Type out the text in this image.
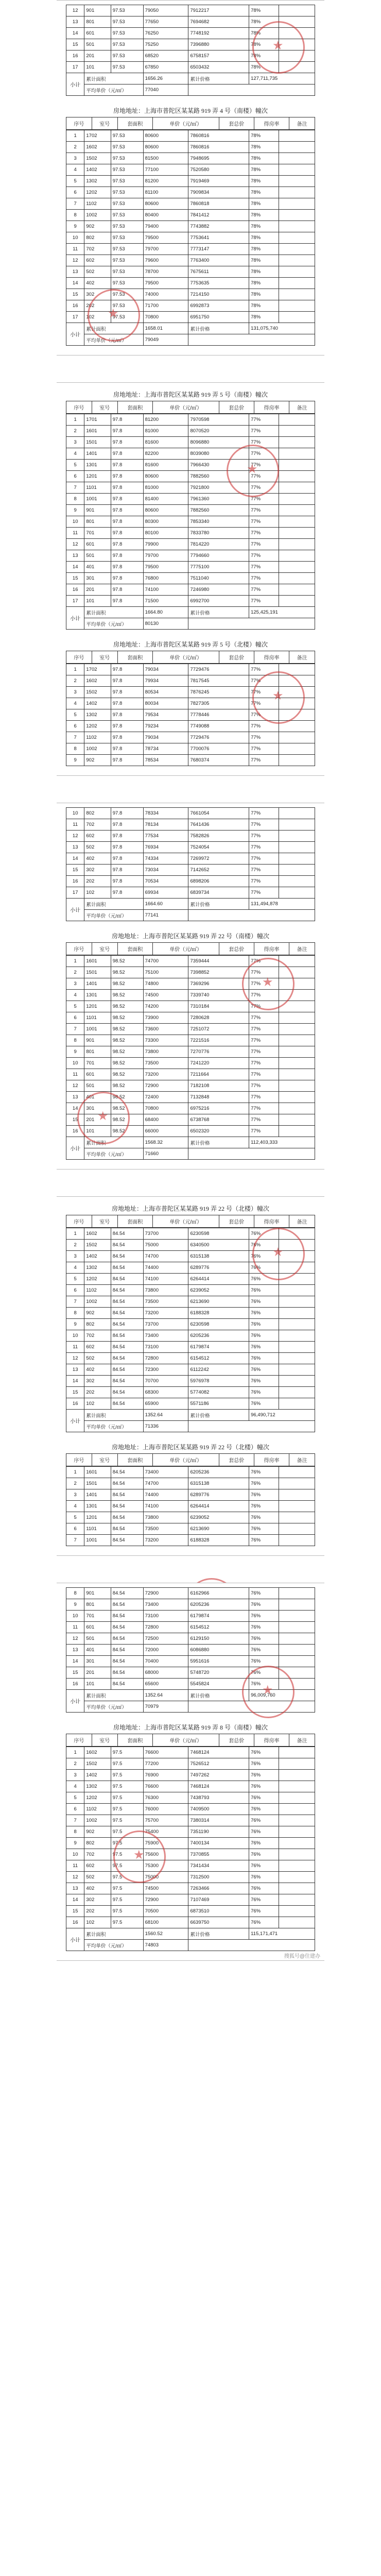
12	901	97.53	79050	7912217	78%	
13	801	97.53	77650	7694682	78%	
14	601	97.53	76250	7748192	78%	
15	501	97.53	75250	7396880	78%	
16	201	97.53	68520	6758157	78%	
17	101	97.53	67850	6503432	78%	
小计	累计面积		1656.26	累计价格	127,711,735	
	平均单价（元/㎡）		77040			
房地地址：上海市普陀区某某路 919 弄 4 号（南楼）幢次
序号	室号	套面积	单价（元/㎡）	套总价	得房率	备注
1	1702	97.53	80600	7860816	78%	
2	1602	97.53	80600	7860816	78%	
3	1502	97.53	81500	7948695	78%	
4	1402	97.53	77100	7520580	78%	
5	1302	97.53	81200	7919469	78%	
6	1202	97.53	81100	7909834	78%	
7	1102	97.53	80600	7860818	78%	
8	1002	97.53	80400	7841412	78%	
9	902	97.53	79400	7743882	78%	
10	802	97.53	79500	7753641	78%	
11	702	97.53	79700	7773147	78%	
12	602	97.53	79600	7763400	78%	
13	502	97.53	78700	7675611	78%	
14	402	97.53	79500	7753635	78%	
15	302	97.53	74000	7214150	78%	
16	202	97.53	71700	6992873	78%	
17	102	97.53	70800	6951750	78%	
小计	累计面积		1658.01	累计价格	131,075,740	
	平均单价（元/㎡）		79049			
★
★
房地地址：上海市普陀区某某路 919 弄 5 号（南楼）幢次
序号	室号	套面积	单价（元/㎡）	套总价	得房率	备注
1	1701	97.8	81200	7970598	77%	
2	1601	97.8	81000	8070520	77%	
3	1501	97.8	81600	8096880	77%	
4	1401	97.8	82200	8039080	77%	
5	1301	97.8	81600	7966430	77%	
6	1201	97.8	80600	7882560	77%	
7	1101	97.8	81000	7921800	77%	
8	1001	97.8	81400	7961360	77%	
9	901	97.8	80600	7882560	77%	
10	801	97.8	80300	7853340	77%	
11	701	97.8	80100	7833780	77%	
12	601	97.8	79900	7814220	77%	
13	501	97.8	79700	7794660	77%	
14	401	97.8	79500	7775100	77%	
15	301	97.8	76800	7511040	77%	
16	201	97.8	74100	7246980	77%	
17	101	97.8	71500	6992700	77%	
小计	累计面积		1664.80	累计价格	125,425,191	
	平均单价（元/㎡）		80130			
房地地址：上海市普陀区某某路 919 弄 5 号（北楼）幢次
序号	室号	套面积	单价（元/㎡）	套总价	得房率	备注
1	1702	97.8	79034	7729476	77%	
2	1602	97.8	79934	7817545	77%	
3	1502	97.8	80534	7876245	77%	
4	1402	97.8	80034	7827305	77%	
5	1302	97.8	79534	7778446	77%	
6	1202	97.8	79234	7749088	77%	
7	1102	97.8	79034	7729476	77%	
8	1002	97.8	78734	7700076	77%	
9	902	97.8	78534	7680374	77%	
★
★
10	802	97.8	78334	7661054	77%	
11	702	97.8	78134	7641436	77%	
12	602	97.8	77534	7582826	77%	
13	502	97.8	76934	7524054	77%	
14	402	97.8	74334	7269972	77%	
15	302	97.8	73034	7142652	77%	
16	202	97.8	70534	6898206	77%	
17	102	97.8	69934	6839734	77%	
小计	累计面积		1664.60	累计价格	131,494,878	
	平均单价（元/㎡）		77141			
房地地址：上海市普陀区某某路 919 弄 22 号（南楼）幢次
序号	室号	套面积	单价（元/㎡）	套总价	得房率	备注
1	1601	98.52	74700	7359444	77%	
2	1501	98.52	75100	7398852	77%	
3	1401	98.52	74800	7369296	77%	
4	1301	98.52	74500	7339740	77%	
5	1201	98.52	74200	7310184	77%	
6	1101	98.52	73900	7280628	77%	
7	1001	98.52	73600	7251072	77%	
8	901	98.52	73300	7221516	77%	
9	801	98.52	73800	7270776	77%	
10	701	98.52	73500	7241220	77%	
11	601	98.52	73200	7211664	77%	
12	501	98.52	72900	7182108	77%	
13	401	98.52	72400	7132848	77%	
14	301	98.52	70800	6975216	77%	
15	201	98.52	68400	6738768	77%	
16	101	98.52	66000	6502320	77%	
小计	累计面积		1568.32	累计价格	112,403,333	
	平均单价（元/㎡）		71660			
★
★
房地地址：上海市普陀区某某路 919 弄 22 号（北楼）幢次
序号	室号	套面积	单价（元/㎡）	套总价	得房率	备注
1	1602	84.54	73700	6230598	76%	
2	1502	84.54	75000	6340500	76%	
3	1402	84.54	74700	6315138	76%	
4	1302	84.54	74400	6289776	76%	
5	1202	84.54	74100	6264414	76%	
6	1102	84.54	73800	6239052	76%	
7	1002	84.54	73500	6213690	76%	
8	902	84.54	73200	6188328	76%	
9	802	84.54	73700	6230598	76%	
10	702	84.54	73400	6205236	76%	
11	602	84.54	73100	6179874	76%	
12	502	84.54	72800	6154512	76%	
13	402	84.54	72300	6112242	76%	
14	302	84.54	70700	5976978	76%	
15	202	84.54	68300	5774082	76%	
16	102	84.54	65900	5571186	76%	
小计	累计面积		1352.64	累计价格	96,490,712	
	平均单价（元/㎡）		71336			
房地地址：上海市普陀区某某路 919 弄 22 号（北楼）幢次
序号	室号	套面积	单价（元/㎡）	套总价	得房率	备注
1	1601	84.54	73400	6205236	76%	
2	1501	84.54	74700	6315138	76%	
3	1401	84.54	74400	6289776	76%	
4	1301	84.54	74100	6264414	76%	
5	1201	84.54	73800	6239052	76%	
6	1101	84.54	73500	6213690	76%	
7	1001	84.54	73200	6188328	76%	
★
★
8	901	84.54	72900	6162966	76%	
9	801	84.54	73400	6205236	76%	
10	701	84.54	73100	6179874	76%	
11	601	84.54	72800	6154512	76%	
12	501	84.54	72500	6129150	76%	
13	401	84.54	72000	6086880	76%	
14	301	84.54	70400	5951616	76%	
15	201	84.54	68000	5748720	76%	
16	101	84.54	65600	5545824	76%	
小计	累计面积		1352.64	累计价格	96,009,760	
	平均单价（元/㎡）		70979			
房地地址：上海市普陀区某某路 919 弄 8 号（南楼）幢次
序号	室号	套面积	单价（元/㎡）	套总价	得房率	备注
1	1602	97.5	76600	7468124	76%	
2	1502	97.5	77200	7526512	76%	
3	1402	97.5	76900	7497262	76%	
4	1302	97.5	76600	7468124	76%	
5	1202	97.5	76300	7438793	76%	
6	1102	97.5	76000	7409500	76%	
7	1002	97.5	75700	7380314	76%	
8	902	97.5	75400	7351190	76%	
9	802	97.5	75900	7400134	76%	
10	702	97.5	75600	7370855	76%	
11	602	97.5	75300	7341434	76%	
12	502	97.5	75000	7312500	76%	
13	402	97.5	74500	7263466	76%	
14	302	97.5	72900	7107469	76%	
15	202	97.5	70500	6873510	76%	
16	102	97.5	68100	6639750	76%	
小计	累计面积		1560.52	累计价格	115,171,471	
	平均单价（元/㎡）		74803			
★
★
搜狐号@住建办
